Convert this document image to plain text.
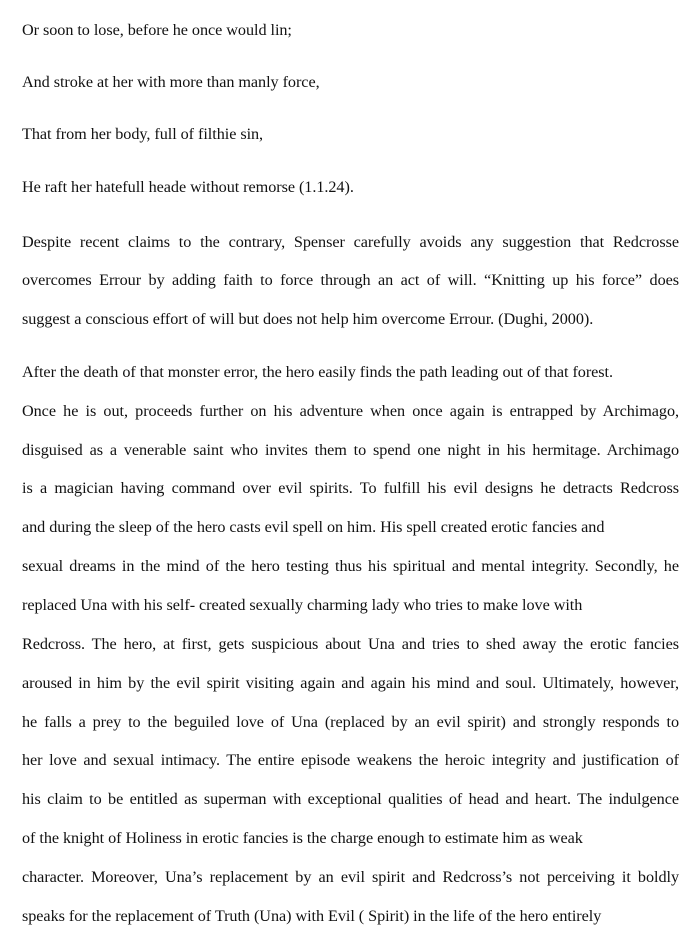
Or soon to lose, before he once would lin;
And stroke at her with more than manly force,
That from her body, full of filthie sin,
He raft her hatefull heade without remorse (1.1.24).
Despite recent claims to the contrary, Spenser carefully avoids any suggestion that Redcrosse
overcomes Errour by adding faith to force through an act of will. “Knitting up his force” does
suggest a conscious effort of will but does not help him overcome Errour. (Dughi, 2000).
After the death of that monster error, the hero easily finds the path leading out of that forest.
Once he is out, proceeds further on his adventure when once again is entrapped by Archimago,
disguised as a venerable saint who invites them to spend one night in his hermitage. Archimago
is a magician having command over evil spirits. To fulfill his evil designs he detracts Redcross
and during the sleep of the hero casts evil spell on him. His spell created erotic fancies and
sexual dreams in the mind of the hero testing thus his spiritual and mental integrity. Secondly, he
replaced Una with his self- created sexually charming lady who tries to make love with
Redcross. The hero, at first, gets suspicious about Una and tries to shed away the erotic fancies
aroused in him by the evil spirit visiting again and again his mind and soul. Ultimately, however,
he falls a prey to the beguiled love of Una (replaced by an evil spirit) and strongly responds to
her love and sexual intimacy. The entire episode weakens the heroic integrity and justification of
his claim to be entitled as superman with exceptional qualities of head and heart. The indulgence
of the knight of Holiness in erotic fancies is the charge enough to estimate him as weak
character. Moreover, Una’s replacement by an evil spirit and Redcross’s not perceiving it boldly
speaks for the replacement of Truth (Una) with Evil ( Spirit) in the life of the hero entirely
